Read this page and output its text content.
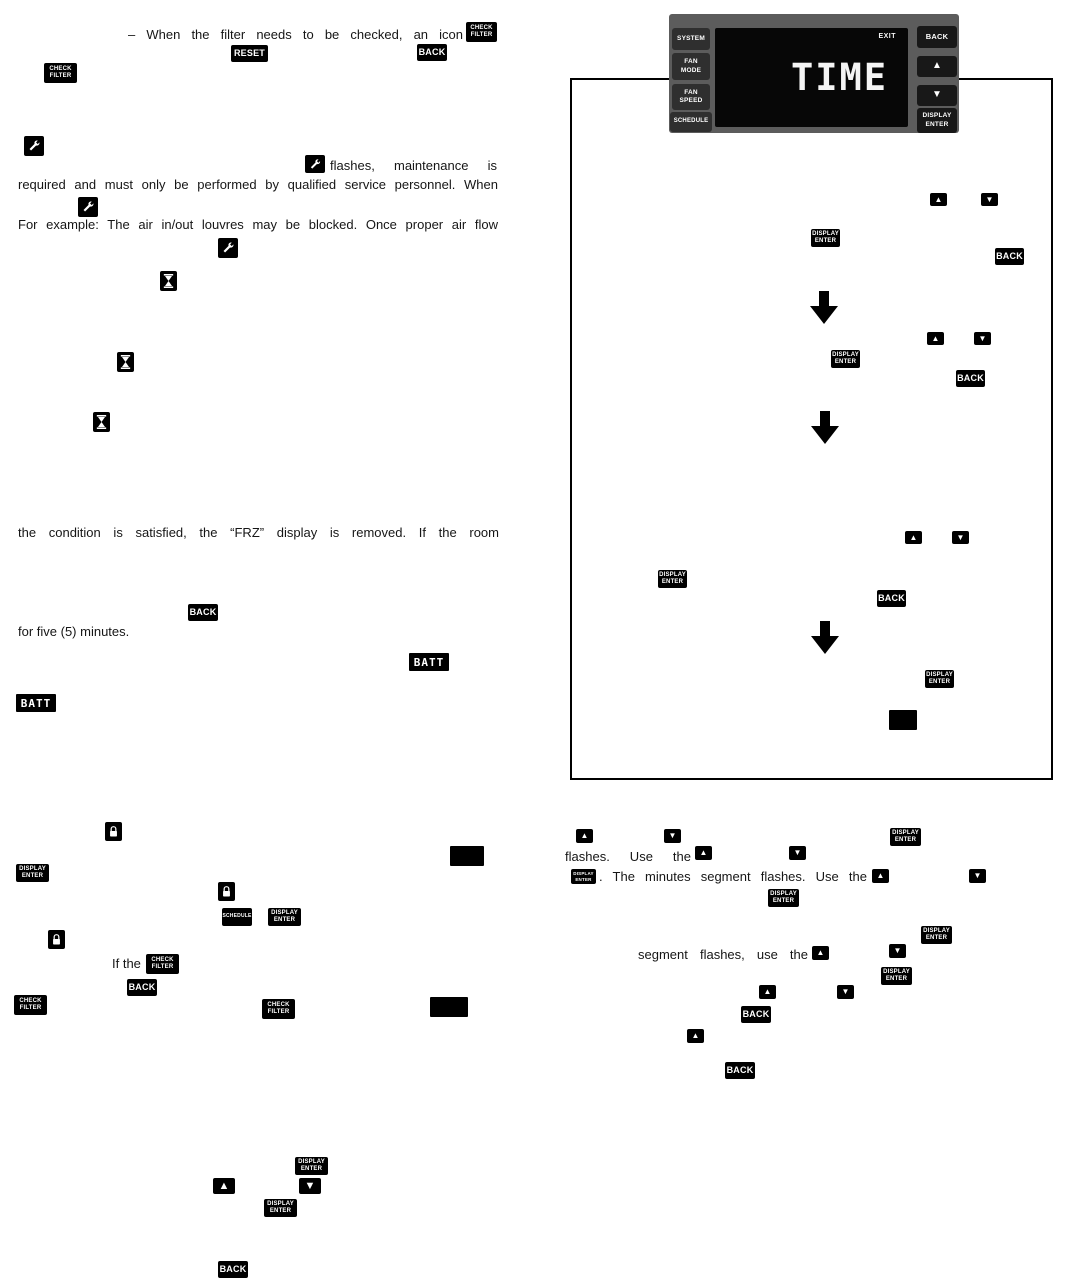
▲	▼
DISPLAY
ENTER
BACK
▲	▼
DISPLAY
ENTER
BACK
▲	▼
DISPLAY
ENTER
BACK
DISPLAY
ENTER
SYSTEM
FAN
MODE
FAN
SPEED
SCHEDULE
EXIT
TIME
BACK
▲
▼
DISPLAY
ENTER
– When the filter needs to be checked, an icon CHECK
FILTER
RESET	BACK
CHECK
FILTER
flashes, maintenance is
required and must only be performed by qualified service personnel. When
For example: The air in/out louvres may be blocked. Once proper air flow
the condition is satisfied, the “FRZ” display is removed. If the room
BACK
for five (5) minutes.
BATT
BATT
DISPLAY
ENTER
SCHEDULE
DISPLAY
ENTER
If the CHECK
FILTER
BACK
CHECK
FILTER
CHECK
FILTER
DISPLAY
ENTER
▲	▼
DISPLAY
ENTER
BACK
▲	▼	DISPLAY
ENTER
flashes. Use the ▲	▼
DISPLAY
ENTER . The minutes segment flashes. Use the ▲	▼
DISPLAY
ENTER
DISPLAY
ENTER
segment flashes, use the ▲	▼
DISPLAY
ENTER
▲	▼
BACK
▲
BACK
